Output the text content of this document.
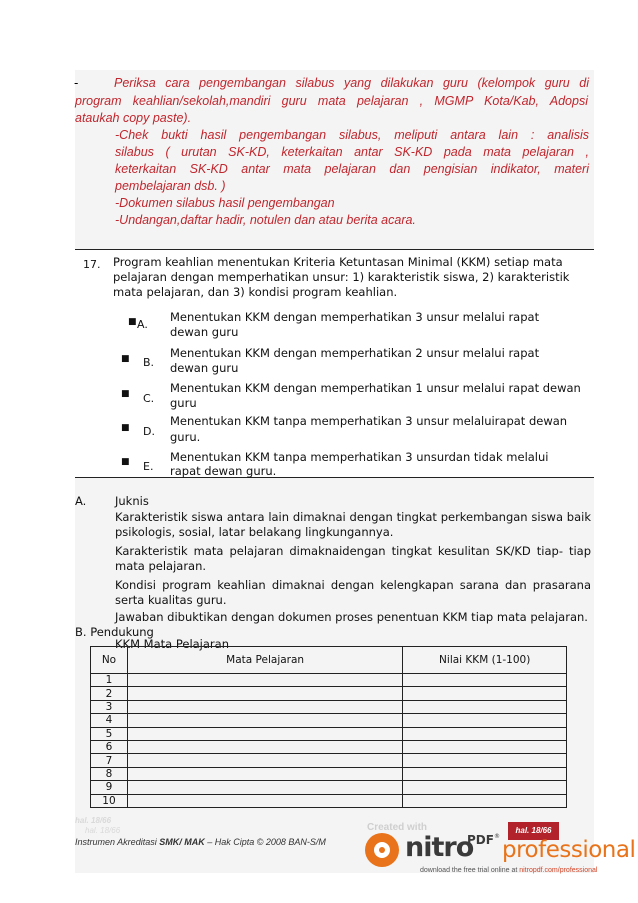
-	Periksa cara pengembangan silabus yang dilakukan guru (kelompok guru di
program keahlian/sekolah,mandiri guru mata pelajaran , MGMP Kota/Kab, Adopsi
ataukah copy paste).
-Chek bukti hasil pengembangan silabus, meliputi antara lain : analisis
silabus ( urutan SK-KD, keterkaitan antar SK-KD pada mata pelajaran ,
keterkaitan SK-KD antar mata pelajaran dan pengisian indikator, materi
pembelajaran dsb. )
-Dokumen silabus hasil pengembangan
-Undangan,daftar hadir, notulen dan atau berita acara.
17. Program keahlian menentukan Kriteria Ketuntasan Minimal (KKM) setiap mata
pelajaran dengan memperhatikan unsur: 1) karakteristik siswa, 2) karakteristik
mata pelajaran, dan 3) kondisi program keahlian.
■ A.
Menentukan KKM dengan memperhatikan 3 unsur melalui rapat
dewan guru
■ B.
Menentukan KKM dengan memperhatikan 2 unsur melalui rapat
dewan guru
■ C.
Menentukan KKM dengan memperhatikan 1 unsur melalui rapat dewan
guru
■ D.
Menentukan KKM tanpa memperhatikan 3 unsur melaluirapat dewan
guru.
■ E.
Menentukan KKM tanpa memperhatikan 3 unsurdan tidak melalui
rapat dewan guru.
A. Juknis
Karakteristik siswa antara lain dimaknai dengan tingkat perkembangan siswa baik
psikologis, sosial, latar belakang lingkungannya.
Karakteristik mata pelajaran dimaknaidengan tingkat kesulitan SK/KD tiap- tiap
mata pelajaran.
Kondisi program keahlian dimaknai dengan kelengkapan sarana dan prasarana
serta kualitas guru.
Jawaban dibuktikan dengan dokumen proses penentuan KKM tiap mata pelajaran.
B. Pendukung
KKM Mata Pelajaran
No	Mata Pelajaran	Nilai KKM (1-100)
1		
2		
3		
4		
5		
6		
7		
8		
9		
10		
hal. 18/66
hal. 18/66	Created with	hal. 18/66
Instrumen Akreditasi SMK/ MAK – Hak Cipta © 2008 BAN-S/M	nitro
PDF ®
professional
download the free trial online at nitropdf.com/professional
